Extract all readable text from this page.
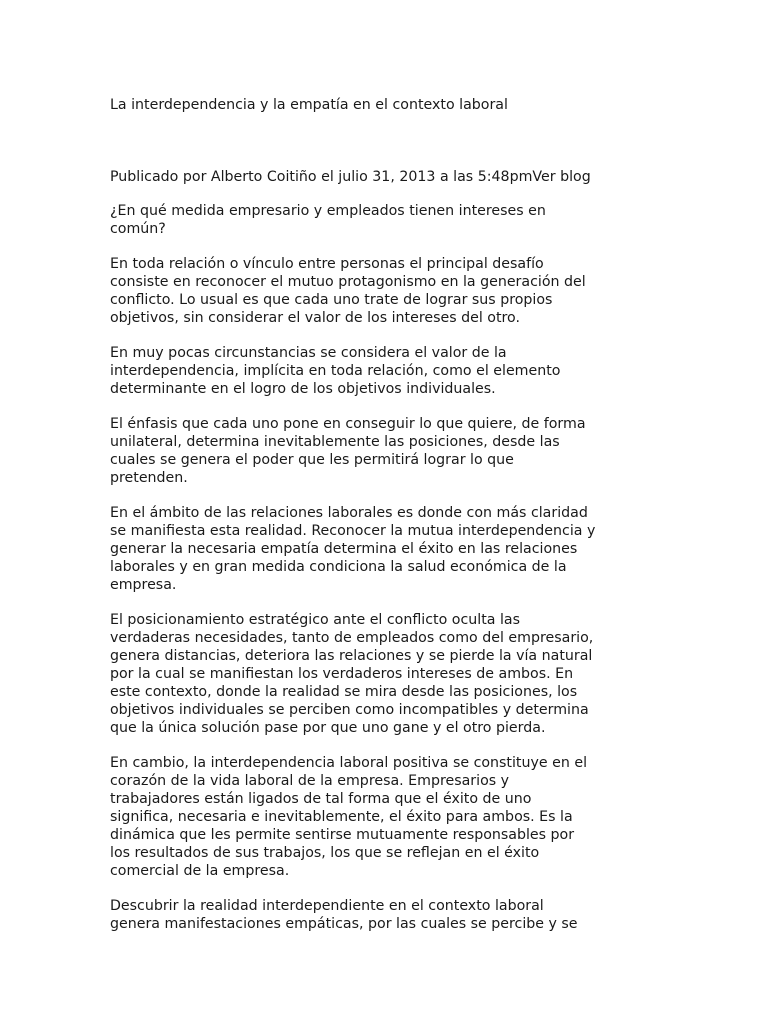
La interdependencia y la empatía en el contexto laboral

Publicado por Alberto Coitiño el julio 31, 2013 a las 5:48pmVer blog

¿En qué medida empresario y empleados tienen intereses en común?

En toda relación o vínculo entre personas el principal desafío consiste en reconocer el mutuo protagonismo en la generación del conflicto. Lo usual es que cada uno trate de lograr sus propios objetivos, sin considerar el valor de los intereses del otro.

En muy pocas circunstancias se considera el valor de la interdependencia, implícita en toda relación, como el elemento determinante en el logro de los objetivos individuales.

El énfasis que cada uno pone en conseguir lo que quiere, de forma unilateral, determina inevitablemente las posiciones, desde las cuales se genera el poder que les permitirá lograr lo que pretenden.

En el ámbito de las relaciones laborales es donde con más claridad se manifiesta esta realidad. Reconocer la mutua interdependencia y generar la necesaria empatía determina el éxito en las relaciones laborales y en gran medida condiciona la salud económica de la empresa.

El posicionamiento estratégico ante el conflicto oculta las verdaderas necesidades, tanto de empleados como del empresario, genera distancias, deteriora las relaciones y se pierde la vía natural por la cual se manifiestan los verdaderos intereses de ambos. En este contexto, donde la realidad se mira desde las posiciones, los objetivos individuales se perciben como incompatibles y determina que la única solución pase por que uno gane y el otro pierda.

En cambio, la interdependencia laboral positiva se constituye en el corazón de la vida laboral de la empresa. Empresarios y trabajadores están ligados de tal forma que el éxito de uno significa, necesaria e inevitablemente, el éxito para ambos. Es la dinámica que les permite sentirse mutuamente responsables por los resultados de sus trabajos, los que se reflejan en el éxito comercial de la empresa.

Descubrir la realidad interdependiente en el contexto laboral genera manifestaciones empáticas, por las cuales se percibe y se
